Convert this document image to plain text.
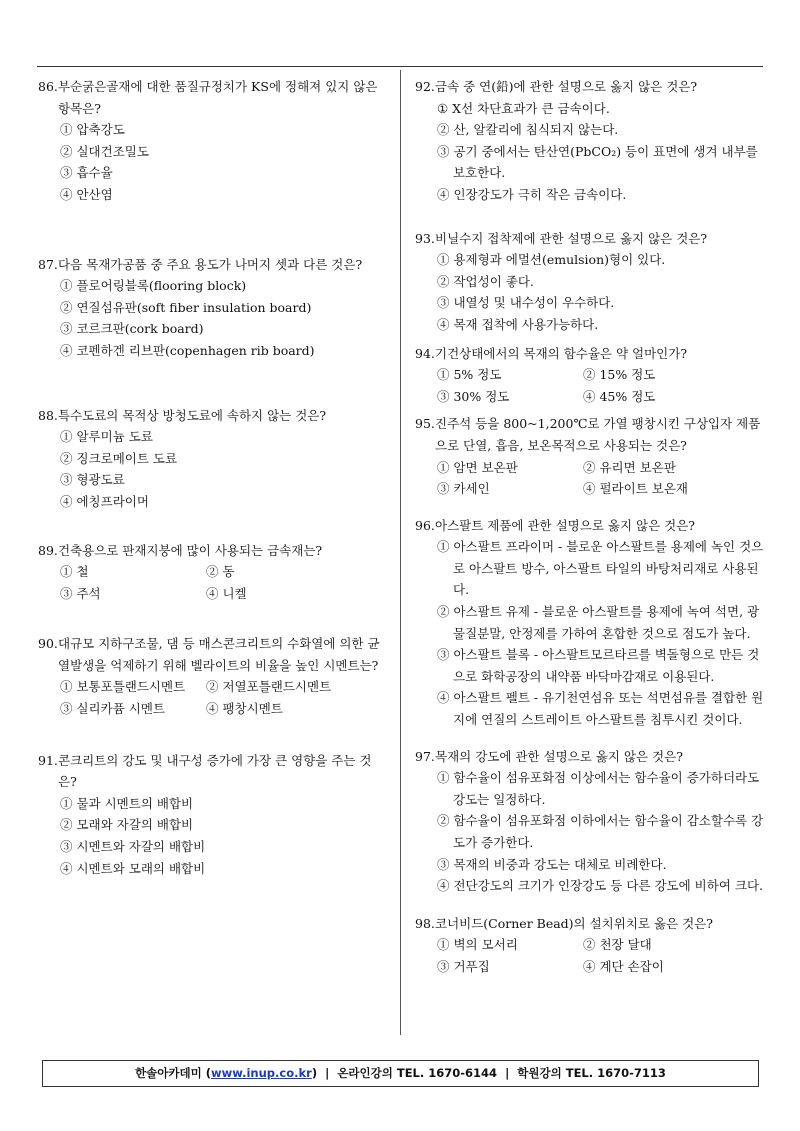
86.부순굵은골재에 대한 품질규정치가 KS에 정해져 있지 않은 항목은?

① 압축강도

② 실대건조밀도

③ 흡수율

④ 안산염

87.다음 목재가공품 중 주요 용도가 나머지 셋과 다른 것은?

① 플로어링블록(flooring block)

② 연질섬유판(soft fiber insulation board)

③ 코르크판(cork board)

④ 코펜하겐 리브판(copenhagen rib board)

88.특수도료의 목적상 방청도료에 속하지 않는 것은?

① 알루미늄 도료

② 징크로메이트 도료

③ 형광도료

④ 에칭프라이머

89.건축용으로 판재지붕에 많이 사용되는 금속재는?

① 철	② 동
③ 주석	④ 니켈

90.대규모 지하구조물, 댐 등 매스콘크리트의 수화열에 의한 균열발생을 억제하기 위해 벨라이트의 비율을 높인 시멘트는?

① 보통포틀랜드시멘트	② 저열포틀랜드시멘트
③ 실리카퓸 시멘트	④ 팽창시멘트

91.콘크리트의 강도 및 내구성 증가에 가장 큰 영향을 주는 것은?

① 물과 시멘트의 배합비

② 모래와 자갈의 배합비

③ 시멘트와 자갈의 배합비

④ 시멘트와 모래의 배합비

92.금속 중 연(鉛)에 관한 설명으로 옳지 않은 것은?

① X선 차단효과가 큰 금속이다.

② 산, 알칼리에 침식되지 않는다.

③ 공기 중에서는 탄산연(PbCO₂) 등이 표면에 생겨 내부를 보호한다.

④ 인장강도가 극히 작은 금속이다.

93.비닐수지 접착제에 관한 설명으로 옳지 않은 것은?

① 용제형과 에멀션(emulsion)형이 있다.

② 작업성이 좋다.

③ 내열성 및 내수성이 우수하다.

④ 목재 접착에 사용가능하다.

94.기건상태에서의 목재의 함수율은 약 얼마인가?

① 5% 정도	② 15% 정도
③ 30% 정도	④ 45% 정도

95.진주석 등을 800~1,200℃로 가열 팽창시킨 구상입자 제품으로 단열, 흡음, 보온목적으로 사용되는 것은?

① 암면 보온판	② 유리면 보온판
③ 카세인	④ 펄라이트 보온재

96.아스팔트 제품에 관한 설명으로 옳지 않은 것은?

① 아스팔트 프라이머 - 블로운 아스팔트를 용제에 녹인 것으로 아스팔트 방수, 아스팔트 타일의 바탕처리재로 사용된다.

② 아스팔트 유제 - 블로운 아스팔트를 용제에 녹여 석면, 광물질분말, 안정제를 가하여 혼합한 것으로 점도가 높다.

③ 아스팔트 블록 - 아스팔트모르타르를 벽돌형으로 만든 것으로 화학공장의 내약품 바닥마감재로 이용된다.

④ 아스팔트 펠트 - 유기천연섬유 또는 석면섬유를 결합한 원지에 연질의 스트레이트 아스팔트를 침투시킨 것이다.

97.목재의 강도에 관한 설명으로 옳지 않은 것은?

① 함수율이 섬유포화점 이상에서는 함수율이 증가하더라도 강도는 일정하다.

② 함수율이 섬유포화점 이하에서는 함수율이 감소할수록 강도가 증가한다.

③ 목재의 비중과 강도는 대체로 비례한다.

④ 전단강도의 크기가 인장강도 등 다른 강도에 비하여 크다.

98.코너비드(Corner Bead)의 설치위치로 옳은 것은?

① 벽의 모서리	② 천장 달대
③ 거푸집	④ 계단 손잡이
한솔아카데미 (www.inup.co.kr) | 온라인강의 TEL. 1670-6144 | 학원강의 TEL. 1670-7113
